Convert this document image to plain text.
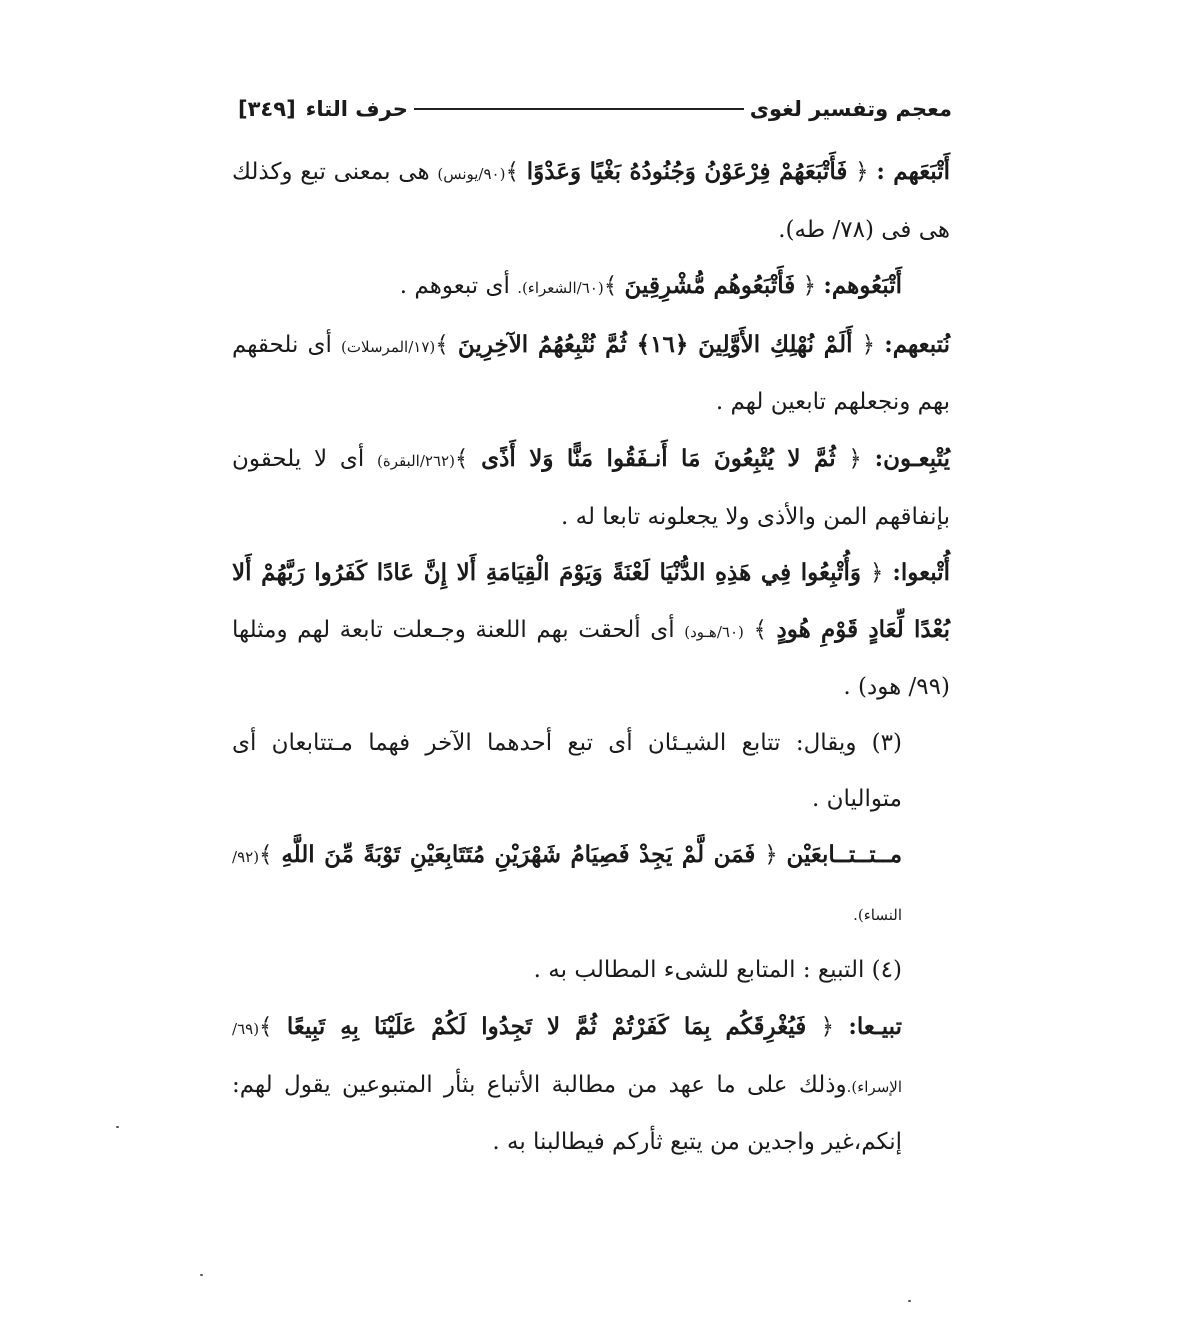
معجم وتفسير لغوى
حرف التاء
[٣٤٩]

أَتْبَعَهم : ﴿ فَأَتْبَعَهُمْ فِرْعَوْنُ وَجُنُودُهُ بَغْيًا وَعَدْوًا ﴾(٩٠/يونس) هى بمعنى تبع وكذلك هى فى (٧٨/ طه).

أَتْبَعُوهم: ﴿ فَأَتْبَعُوهُم مُّشْرِقِينَ ﴾(٦٠/الشعراء). أى تبعوهم .

نُتبعهم: ﴿ أَلَمْ نُهْلِكِ الأَوَّلِينَ ﴿١٦﴾ ثُمَّ نُتْبِعُهُمُ الآخِرِينَ ﴾(١٧/المرسلات) أى نلحقهم بهم ونجعلهم تابعين لهم .

يُتْبِعـون: ﴿ ثُمَّ لا يُتْبِعُونَ مَا أَنـفَقُوا مَنًّا وَلا أَذًى ﴾(٢٦٢/البقرة) أى لا يلحقون بإنفاقهم المن والأذى ولا يجعلونه تابعا له .

أُتْبعوا: ﴿ وَأُتْبِعُوا فِي هَذِهِ الدُّنْيَا لَعْنَةً وَيَوْمَ الْقِيَامَةِ أَلا إِنَّ عَادًا كَفَرُوا رَبَّهُمْ أَلا بُعْدًا لِّعَادٍ قَوْمِ هُودٍ ﴾ (٦٠/هـود) أى ألحقت بهم اللعنة وجـعلت تابعة لهم ومثلها (٩٩/ هود) .

(٣) ويقال: تتابع الشيـئان أى تبع أحدهما الآخر فهما مـتتابعان أى متواليان .

مــتــتــابعَيْن ﴿ فَمَن لَّمْ يَجِدْ فَصِيَامُ شَهْرَيْنِ مُتَتَابِعَيْنِ تَوْبَةً مِّنَ اللَّهِ ﴾(٩٢/النساء).

(٤) التبيع : المتابع للشىء المطالب به .

تبيـعا: ﴿ فَيُغْرِقَكُم بِمَا كَفَرْتُمْ ثُمَّ لا تَجِدُوا لَكُمْ عَلَيْنَا بِهِ تَبِيعًا ﴾(٦٩/الإسراء).وذلك على ما عهد من مطالبة الأتباع بثأر المتبوعين يقول لهم: إنكم،غير واجدين من يتبع ثأركم فيطالبنا به .
